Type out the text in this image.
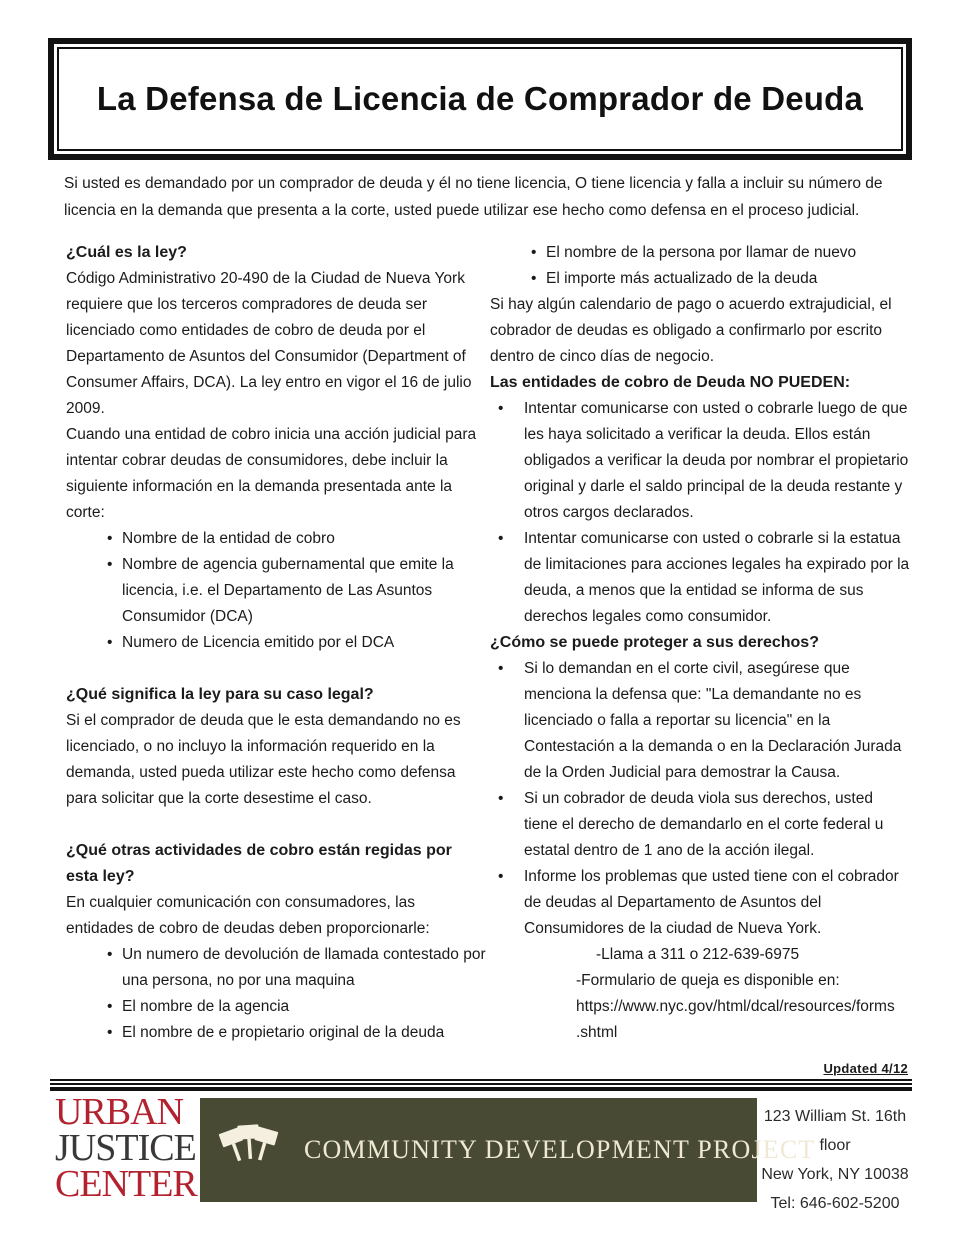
La Defensa de Licencia de Comprador de Deuda

Si usted es demandado por un comprador de deuda y él no tiene licencia, O tiene licencia y falla a incluir su número de licencia en la demanda que presenta a la corte, usted puede utilizar ese hecho como defensa en el proceso judicial.

¿Cuál es la ley?

Código Administrativo 20-490 de la Ciudad de Nueva York requiere que los terceros compradores de deuda ser licenciado como entidades de cobro de deuda por el Departamento de Asuntos del Consumidor (Department of Consumer Affairs, DCA). La ley entro en vigor el 16 de julio 2009.

Cuando una entidad de cobro inicia una acción judicial para intentar cobrar deudas de consumidores, debe incluir la siguiente información en la demanda presentada ante la corte:

• Nombre de la entidad de cobro
• Nombre de agencia gubernamental que emite la licencia, i.e. el Departamento de Las Asuntos Consumidor (DCA)
• Numero de Licencia emitido por el DCA
¿Qué significa la ley para su caso legal?

Si el comprador de deuda que le esta demandando no es licenciado, o no incluyo la información requerido en la demanda, usted pueda utilizar este hecho como defensa para solicitar que la corte desestime el caso.

¿Qué otras actividades de cobro están regidas por esta ley?

En cualquier comunicación con consumadores, las entidades de cobro de deudas deben proporcionarle:

• Un numero de devolución de llamada contestado por una persona, no por una maquina
• El nombre de la agencia
• El nombre de e propietario original de la deuda
• El nombre de la persona por llamar de nuevo
• El importe más actualizado de la deuda

Si hay algún calendario de pago o acuerdo extrajudicial, el cobrador de deudas es obligado a confirmarlo por escrito dentro de cinco días de negocio.

Las entidades de cobro de Deuda NO PUEDEN:
• Intentar comunicarse con usted o cobrarle luego de que les haya solicitado a verificar la deuda. Ellos están obligados a verificar la deuda por nombrar el propietario original y darle el saldo principal de la deuda restante y otros cargos declarados.
• Intentar comunicarse con usted o cobrarle si la estatua de limitaciones para acciones legales ha expirado por la deuda, a menos que la entidad se informa de sus derechos legales como consumidor.
¿Cómo se puede proteger a sus derechos?
• Si lo demandan en el corte civil, asegúrese que menciona la defensa que: "La demandante no es licenciado o falla a reportar su licencia" en la Contestación a la demanda o en la Declaración Jurada de la Orden Judicial para demostrar la Causa.
• Si un cobrador de deuda viola sus derechos, usted tiene el derecho de demandarlo en el corte federal u estatal dentro de 1 ano de la acción ilegal.
• Informe los problemas que usted tiene con el cobrador de deudas al Departamento de Asuntos del Consumidores de la ciudad de Nueva York.
-Llama a 311 o 212-639-6975
-Formulario de queja es disponible en: https://www.nyc.gov/html/dcal/resources/forms.shtml
Updated 4/12
URBAN
JUSTICE
CENTER
COMMUNITY DEVELOPMENT PROJECT
123 William St. 16th
floor
New York, NY 10038
Tel: 646-602-5200
